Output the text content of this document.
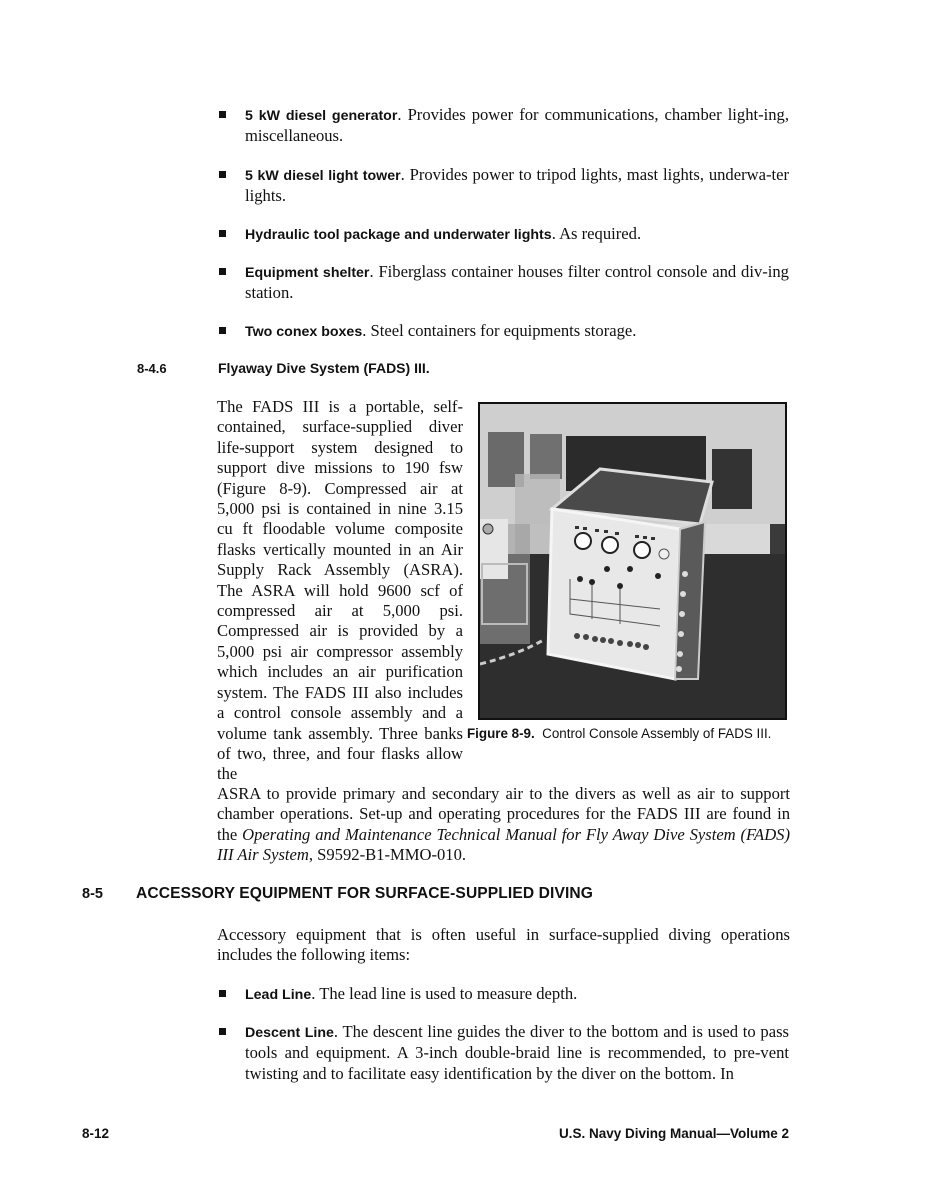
5 kW diesel generator. Provides power for communications, chamber light-ing, miscellaneous.
5 kW diesel light tower. Provides power to tripod lights, mast lights, underwa-ter lights.
Hydraulic tool package and underwater lights. As required.
Equipment shelter. Fiberglass container houses filter control console and div-ing station.
Two conex boxes. Steel containers for equipments storage.
8-4.6	Flyaway Dive System (FADS) III.
The FADS III is a portable, self-contained, surface-supplied diver life-support system designed to support dive missions to 190 fsw (Figure 8-9). Compressed air at 5,000 psi is contained in nine 3.15 cu ft floodable volume composite flasks vertically mounted in an Air Supply Rack Assembly (ASRA). The ASRA will hold 9600 scf of compressed air at 5,000 psi. Compressed air is provided by a 5,000 psi air compressor assembly which includes an air purification system. The FADS III also includes a control console assembly and a volume tank assembly. Three banks of two, three, and four flasks allow the
Figure 8-9. Control Console Assembly of FADS III.
ASRA to provide primary and secondary air to the divers as well as air to support chamber operations. Set-up and operating procedures for the FADS III are found in the Operating and Maintenance Technical Manual for Fly Away Dive System (FADS) III Air System, S9592-B1-MMO-010.
8-5 ACCESSORY EQUIPMENT FOR SURFACE-SUPPLIED DIVING
Accessory equipment that is often useful in surface-supplied diving operations includes the following items:
Lead Line. The lead line is used to measure depth.
Descent Line. The descent line guides the diver to the bottom and is used to pass tools and equipment. A 3-inch double-braid line is recommended, to pre-vent twisting and to facilitate easy identification by the diver on the bottom. In
8-12	U.S. Navy Diving Manual—Volume 2
